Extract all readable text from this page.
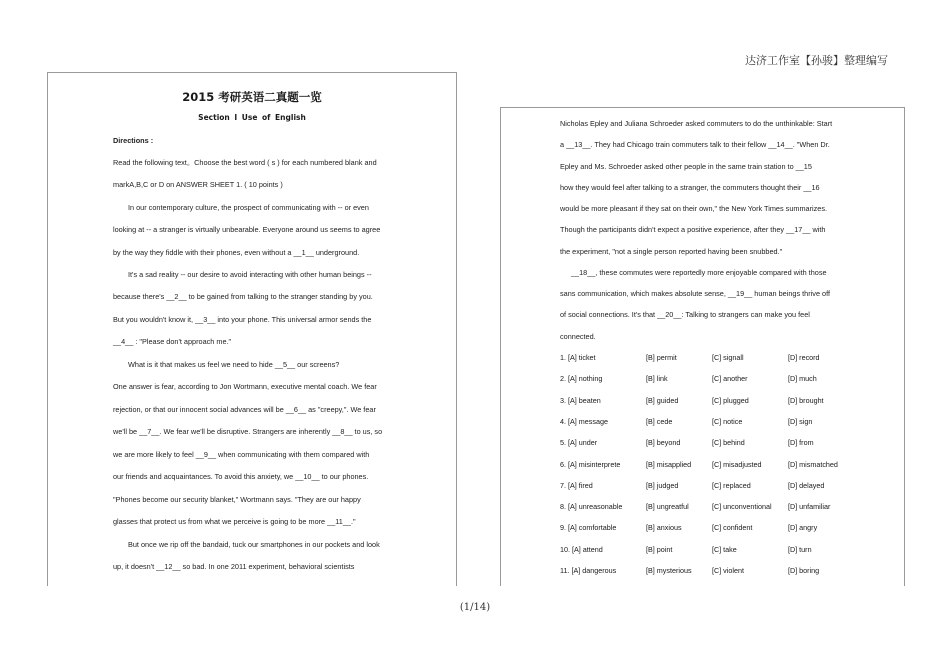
达济工作室【孙骏】整理编写
2015 考研英语二真题一览
Section Ⅰ Use of English
Directions :
Read the following text。Choose the best word ( s ) for each numbered blank and
markA,B,C or D on ANSWER SHEET 1. ( 10 points )
In our contemporary culture, the prospect of communicating with -- or even
looking at -- a stranger is virtually unbearable. Everyone around us seems to agree
by the way they fiddle with their phones, even without a __1__ underground.
It's a sad reality -- our desire to avoid interacting with other human beings --
because there's __2__ to be gained from talking to the stranger standing by you.
But you wouldn't know it, __3__ into your phone. This universal armor sends the
__4__ : "Please don't approach me."
What is it that makes us feel we need to hide __5__ our screens?
One answer is fear, according to Jon Wortmann, executive mental coach. We fear
rejection, or that our innocent social advances will be __6__ as "creepy,". We fear
we'll be __7__. We fear we'll be disruptive. Strangers are inherently __8__ to us, so
we are more likely to feel __9__ when communicating with them compared with
our friends and acquaintances. To avoid this anxiety, we __10__ to our phones.
"Phones become our security blanket," Wortmann says. "They are our happy
glasses that protect us from what we perceive is going to be more __11__."
But once we rip off the bandaid, tuck our smartphones in our pockets and look
up, it doesn't __12__ so bad. In one 2011 experiment, behavioral scientists
Nicholas Epley and Juliana Schroeder asked commuters to do the unthinkable: Start
a __13__. They had Chicago train commuters talk to their fellow __14__. "When Dr.
Epley and Ms. Schroeder asked other people in the same train station to __15
how they would feel after talking to a stranger, the commuters thought their __16
would be more pleasant if they sat on their own," the New York Times summarizes.
Though the participants didn't expect a positive experience, after they __17__ with
the experiment, "not a single person reported having been snubbed."
__18__, these commutes were reportedly more enjoyable compared with those
sans communication, which makes absolute sense, __19__ human beings thrive off
of social connections. It's that __20__: Talking to strangers can make you feel
connected.
1. [A] ticket	[B] permit	[C] signall	[D] record
2. [A] nothing	[B] link	[C] another	[D] much
3. [A] beaten	[B] guided	[C] plugged	[D] brought
4. [A] message	[B] cede	[C] notice	[D] sign
5. [A] under	[B] beyond	[C] behind	[D] from
6. [A] misinterprete	[B] misapplied	[C] misadjusted	[D] mismatched
7. [A] fired	[B] judged	[C] replaced	[D] delayed
8. [A] unreasonable	[B] ungreatful	[C] unconventional [D] unfamiliar
9. [A] comfortable	[B] anxious	[C] confident	[D] angry
10. [A] attend	[B] point	[C] take	[D] turn
11. [A] dangerous	[B] mysterious	[C] violent	[D] boring
(1/14)
